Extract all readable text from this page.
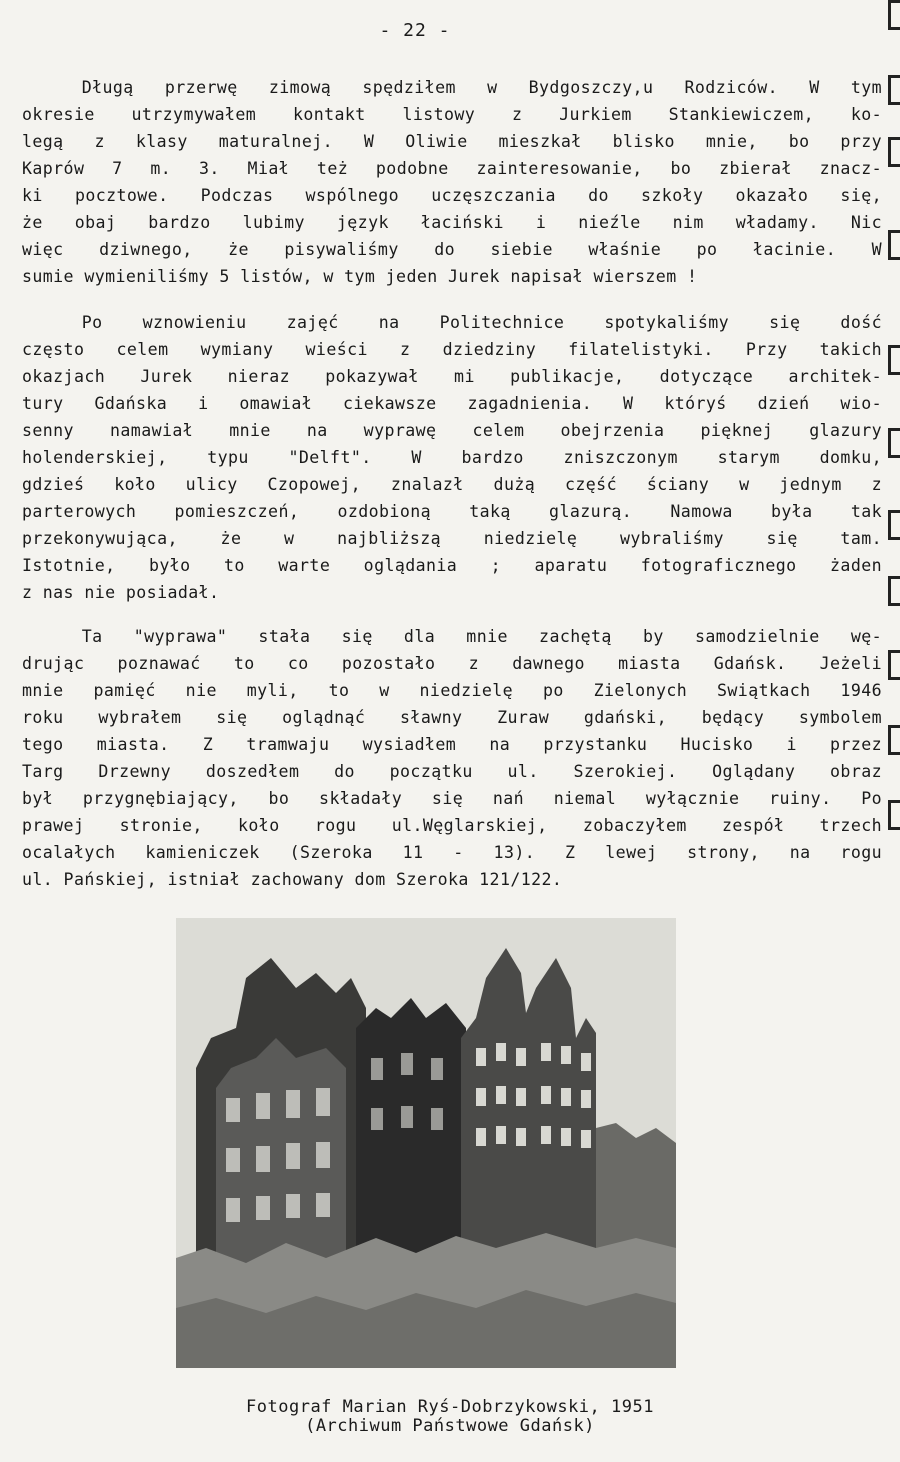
- 22 -
Długą przerwę zimową spędziłem w Bydgoszczy,u Rodziców. W tym
okresie utrzymywałem kontakt listowy z Jurkiem Stankiewiczem, ko-
legą z klasy maturalnej. W Oliwie mieszkał blisko mnie, bo przy
Kaprów 7 m. 3. Miał też podobne zainteresowanie, bo zbierał znacz-
ki pocztowe. Podczas wspólnego uczęszczania do szkoły okazało się,
że obaj bardzo lubimy język łaciński i nieźle nim władamy. Nic
więc dziwnego, że pisywaliśmy do siebie właśnie po łacinie. W
sumie wymieniliśmy 5 listów, w tym jeden Jurek napisał wierszem !
Po wznowieniu zajęć na Politechnice spotykaliśmy się dość
często celem wymiany wieści z dziedziny filatelistyki. Przy takich
okazjach Jurek nieraz pokazywał mi publikacje, dotyczące architek-
tury Gdańska i omawiał ciekawsze zagadnienia. W któryś dzień wio-
senny namawiał mnie na wyprawę celem obejrzenia pięknej glazury
holenderskiej, typu "Delft". W bardzo zniszczonym starym domku,
gdzieś koło ulicy Czopowej, znalazł dużą część ściany w jednym z
parterowych pomieszczeń, ozdobioną taką glazurą. Namowa była tak
przekonywująca, że w najbliższą niedzielę wybraliśmy się tam.
Istotnie, było to warte oglądania ; aparatu fotograficznego żaden
z nas nie posiadał.
Ta "wyprawa" stała się dla mnie zachętą by samodzielnie wę-
drując poznawać to co pozostało z dawnego miasta Gdańsk. Jeżeli
mnie pamięć nie myli, to w niedzielę po Zielonych Swiątkach 1946
roku wybrałem się oglądnąć sławny Zuraw gdański, będący symbolem
tego miasta. Z tramwaju wysiadłem na przystanku Hucisko i przez
Targ Drzewny doszedłem do początku ul. Szerokiej. Oglądany obraz
był przygnębiający, bo składały się nań niemal wyłącznie ruiny. Po
prawej stronie, koło rogu ul.Węglarskiej, zobaczyłem zespół trzech
ocalałych kamieniczek (Szeroka 11 - 13). Z lewej strony, na rogu
ul. Pańskiej, istniał zachowany dom Szeroka 121/122.
Fotograf Marian Ryś-Dobrzykowski, 1951
(Archiwum Państwowe Gdańsk)
